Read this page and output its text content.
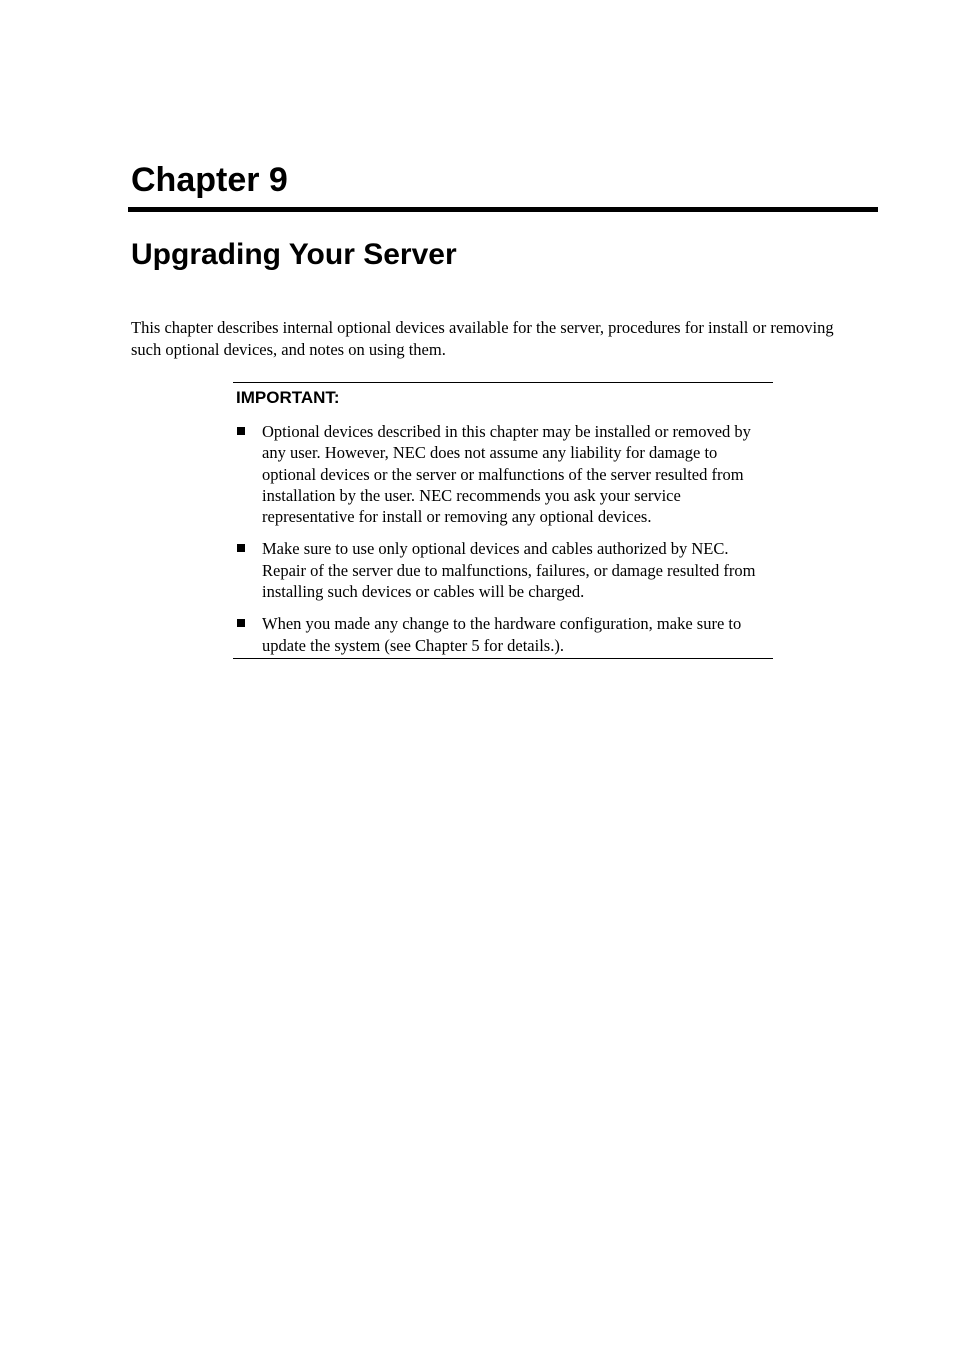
Chapter 9
Upgrading Your Server

This chapter describes internal optional devices available for the server, procedures for install or removing such optional devices, and notes on using them.

IMPORTANT:
Optional devices described in this chapter may be installed or removed by any user. However, NEC does not assume any liability for damage to optional devices or the server or malfunctions of the server resulted from installation by the user. NEC recommends you ask your service representative for install or removing any optional devices.
Make sure to use only optional devices and cables authorized by NEC. Repair of the server due to malfunctions, failures, or damage resulted from installing such devices or cables will be charged.
When you made any change to the hardware configuration, make sure to update the system (see Chapter 5 for details.).
